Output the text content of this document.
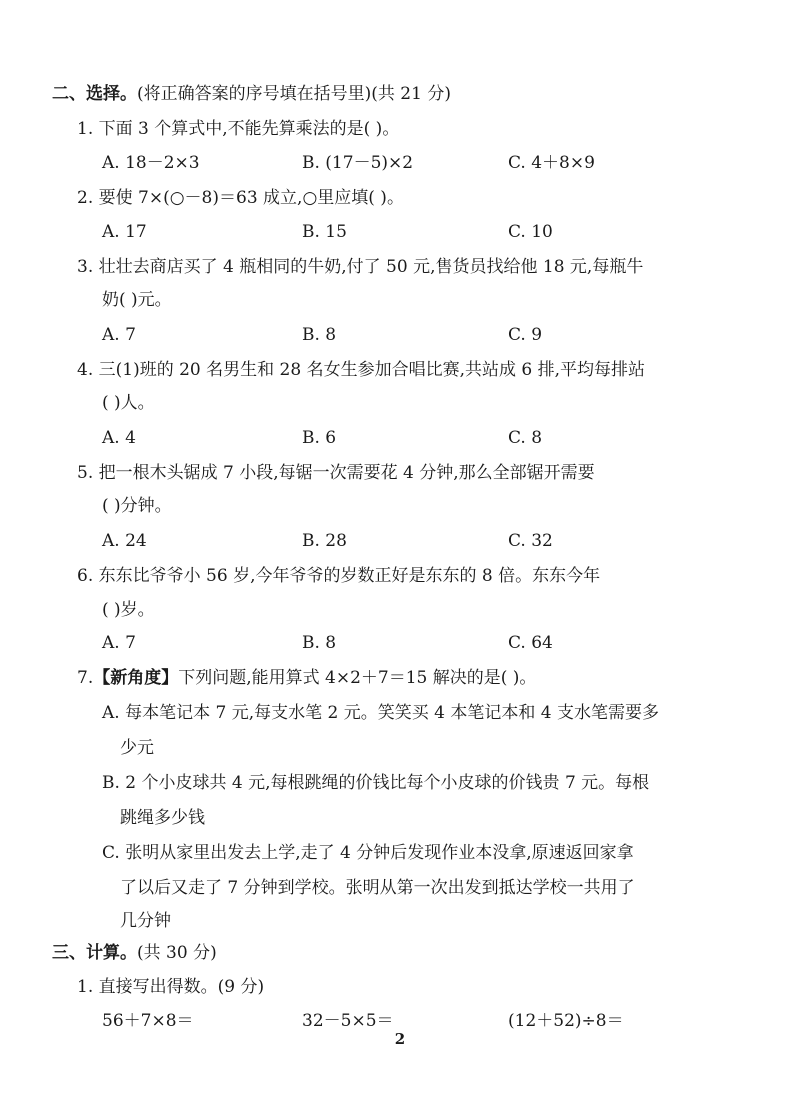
二、选择。(将正确答案的序号填在括号里)(共 21 分)
1. 下面 3 个算式中,不能先算乘法的是( )。
A. 18－2×3	B. (17－5)×2	C. 4＋8×9
2. 要使 7×(○－8)＝63 成立,○里应填( )。
A. 17	B. 15	C. 10
3. 壮壮去商店买了 4 瓶相同的牛奶,付了 50 元,售货员找给他 18 元,每瓶牛
奶( )元。
A. 7	B. 8	C. 9
4. 三(1)班的 20 名男生和 28 名女生参加合唱比赛,共站成 6 排,平均每排站
( )人。
A. 4	B. 6	C. 8
5. 把一根木头锯成 7 小段,每锯一次需要花 4 分钟,那么全部锯开需要
( )分钟。
A. 24	B. 28	C. 32
6. 东东比爷爷小 56 岁,今年爷爷的岁数正好是东东的 8 倍。东东今年
( )岁。
A. 7	B. 8	C. 64
7.【新角度】下列问题,能用算式 4×2＋7＝15 解决的是( )。
A. 每本笔记本 7 元,每支水笔 2 元。笑笑买 4 本笔记本和 4 支水笔需要多
少元
B. 2 个小皮球共 4 元,每根跳绳的价钱比每个小皮球的价钱贵 7 元。每根
跳绳多少钱
C. 张明从家里出发去上学,走了 4 分钟后发现作业本没拿,原速返回家拿
了以后又走了 7 分钟到学校。张明从第一次出发到抵达学校一共用了
几分钟
三、计算。(共 30 分)
1. 直接写出得数。(9 分)
56＋7×8＝	32－5×5＝	(12＋52)÷8＝
2
